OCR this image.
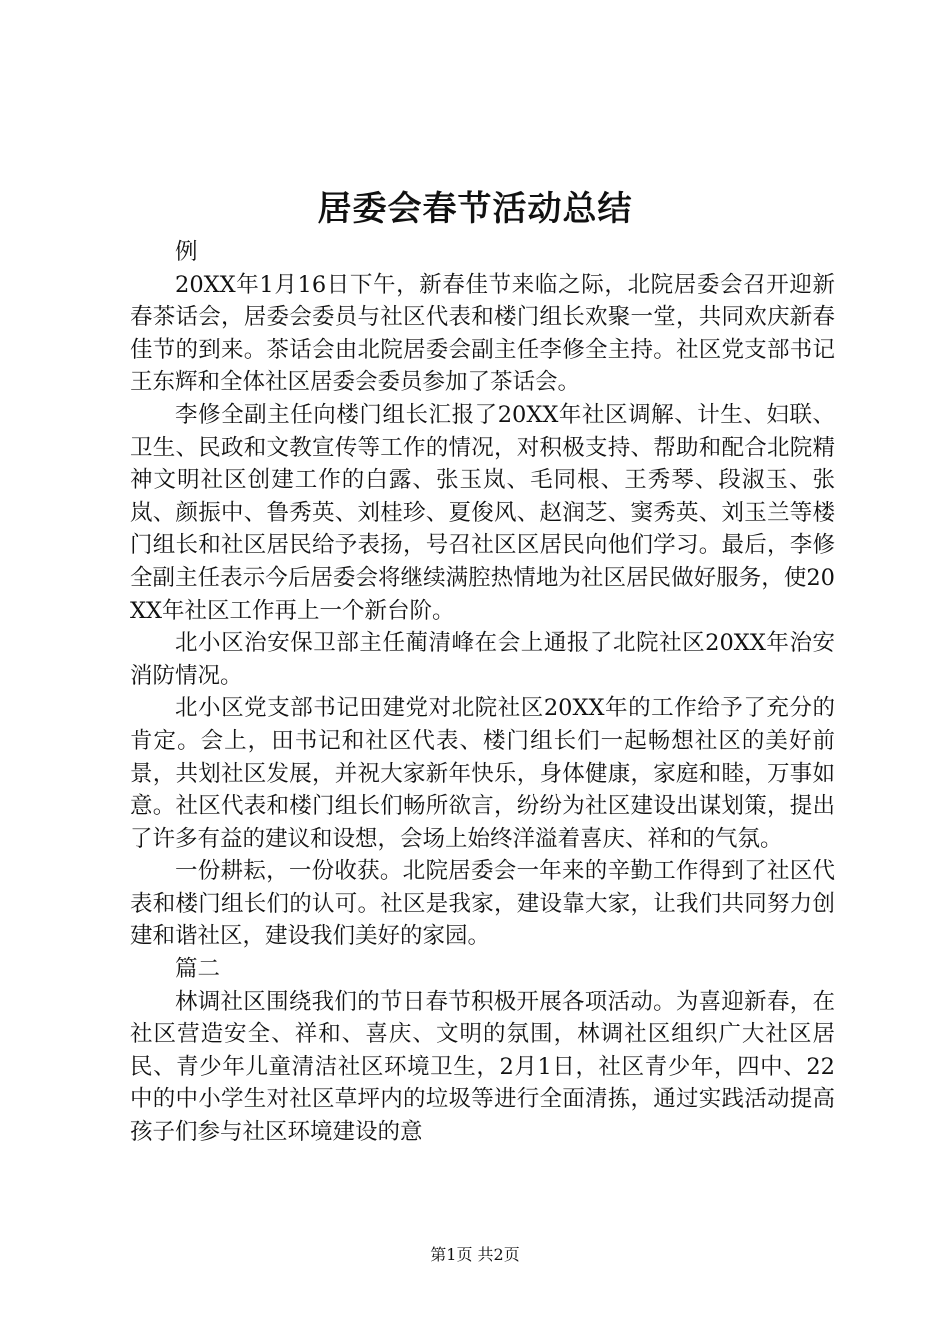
居委会春节活动总结

例

20XX年1月16日下午，新春佳节来临之际，北院居委会召开迎新春茶话会，居委会委员与社区代表和楼门组长欢聚一堂，共同欢庆新春佳节的到来。茶话会由北院居委会副主任李修全主持。社区党支部书记王东辉和全体社区居委会委员参加了茶话会。

李修全副主任向楼门组长汇报了20XX年社区调解、计生、妇联、卫生、民政和文教宣传等工作的情况，对积极支持、帮助和配合北院精神文明社区创建工作的白露、张玉岚、毛同根、王秀琴、段淑玉、张岚、颜振中、鲁秀英、刘桂珍、夏俊风、赵润芝、窦秀英、刘玉兰等楼门组长和社区居民给予表扬，号召社区区居民向他们学习。最后，李修全副主任表示今后居委会将继续满腔热情地为社区居民做好服务，使20XX年社区工作再上一个新台阶。

北小区治安保卫部主任蔺清峰在会上通报了北院社区20XX年治安消防情况。

北小区党支部书记田建党对北院社区20XX年的工作给予了充分的肯定。会上，田书记和社区代表、楼门组长们一起畅想社区的美好前景，共划社区发展，并祝大家新年快乐，身体健康，家庭和睦，万事如意。社区代表和楼门组长们畅所欲言，纷纷为社区建设出谋划策，提出了许多有益的建议和设想，会场上始终洋溢着喜庆、祥和的气氛。

一份耕耘，一份收获。北院居委会一年来的辛勤工作得到了社区代表和楼门组长们的认可。社区是我家，建设靠大家，让我们共同努力创建和谐社区，建设我们美好的家园。

篇二

林调社区围绕我们的节日春节积极开展各项活动。为喜迎新春，在社区营造安全、祥和、喜庆、文明的氛围，林调社区组织广大社区居民、青少年儿童清洁社区环境卫生，2月1日，社区青少年，四中、22中的中小学生对社区草坪内的垃圾等进行全面清拣，通过实践活动提高孩子们参与社区环境建设的意

第1页 共2页
